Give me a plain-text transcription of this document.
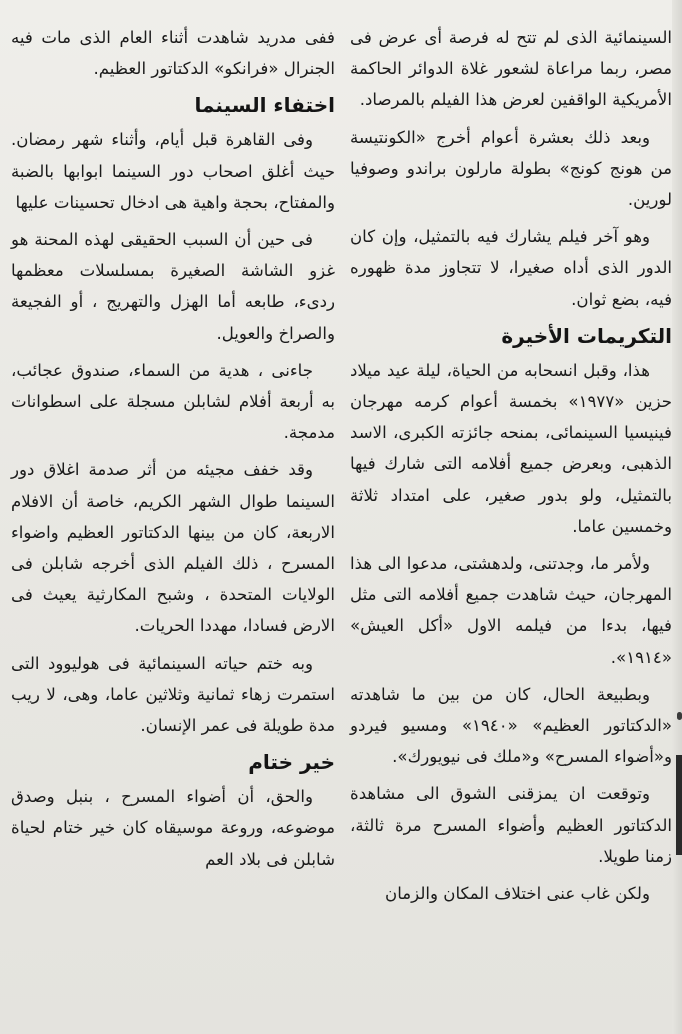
السينمائية الذى لم تتح له فرصة أى عرض فى مصر، ربما مراعاة لشعور غلاة الدوائر الحاكمة الأمريكية الواقفين لعرض هذا الفيلم بالمرصاد.

وبعد ذلك بعشرة أعوام أخرج «الكونتيسة من هونج كونج» بطولة مارلون براندو وصوفيا لورين.

وهو آخر فيلم يشارك فيه بالتمثيل، وإن كان الدور الذى أداه صغيرا، لا تتجاوز مدة ظهوره فيه، بضع ثوان.

التكريمات الأخيرة

هذا، وقبل انسحابه من الحياة، ليلة عيد ميلاد حزين «١٩٧٧» بخمسة أعوام كرمه مهرجان فينيسيا السينمائى، بمنحه جائزته الكبرى، الاسد الذهبى، وبعرض جميع أفلامه التى شارك فيها بالتمثيل، ولو بدور صغير، على امتداد ثلاثة وخمسين عاما.

ولأمر ما، وجدتنى، ولدهشتى، مدعوا الى هذا المهرجان، حيث شاهدت جميع أفلامه التى مثل فيها، بدءا من فيلمه الاول «أكل العيش» «١٩١٤».

وبطبيعة الحال، كان من بين ما شاهدته «الدكتاتور العظيم» «١٩٤٠» ومسيو فيردو و«أضواء المسرح» و«ملك فى نيويورك».

وتوقعت ان يمزقنى الشوق الى مشاهدة الدكتاتور العظيم وأضواء المسرح مرة ثالثة، زمنا طويلا.

ولكن غاب عنى اختلاف المكان والزمان

ففى مدريد شاهدت أثناء العام الذى مات فيه الجنرال «فرانكو» الدكتاتور العظيم.

اختفاء السينما

وفى القاهرة قبل أيام، وأثناء شهر رمضان. حيث أغلق اصحاب دور السينما ابوابها بالضبة والمفتاح، بحجة واهية هى ادخال تحسينات عليها

فى حين أن السبب الحقيقى لهذه المحنة هو غزو الشاشة الصغيرة بمسلسلات معظمها ردىء، طابعه أما الهزل والتهريج ، أو الفجيعة والصراخ والعويل.

جاءنى ، هدية من السماء، صندوق عجائب، به أربعة أفلام لشابلن مسجلة على اسطوانات مدمجة.

وقد خفف مجيئه من أثر صدمة اغلاق دور السينما طوال الشهر الكريم، خاصة أن الافلام الاربعة، كان من بينها الدكتاتور العظيم واضواء المسرح ، ذلك الفيلم الذى أخرجه شابلن فى الولايات المتحدة ، وشبح المكارثية يعيث فى الارض فسادا، مهددا الحريات.

وبه ختم حياته السينمائية فى هوليوود التى استمرت زهاء ثمانية وثلاثين عاما، وهى، لا ريب مدة طويلة فى عمر الإنسان.

خير ختام

والحق، أن أضواء المسرح ، بنبل وصدق موضوعه، وروعة موسيقاه كان خير ختام لحياة شابلن فى بلاد العم
